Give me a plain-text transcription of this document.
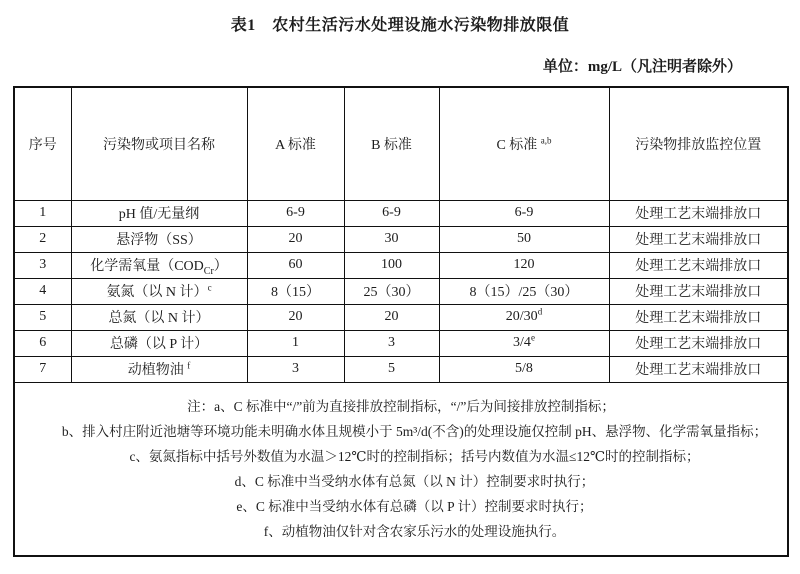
表1　农村生活污水处理设施水污染物排放限值
单位：mg/L（凡注明者除外）
序号	污染物或项目名称	A 标准	B 标准	C 标准 $^{a,b}$	污染物排放监控位置
1	pH 值/无量纲	6-9	6-9	6-9	处理工艺末端排放口
2	悬浮物（SS）	20	30	50	处理工艺末端排放口
3	化学需氧量$(COD_{Cr})$	60	100	120	处理工艺末端排放口
4	氨氮（以 N 计）$^c$	8（15）	25（30）	8（15）/25（30）	处理工艺末端排放口
5	总氮（以 N 计）	20	20	20/30$^d$	处理工艺末端排放口
6	总磷（以 P 计）	1	3	3/4e	处理工艺末端排放口
7	动植物油 $^f$	3	5	5/8	处理工艺末端排放口

注：a、C 标准中“/”前为直接排放控制指标，“/”后为间接排放控制指标；

b、排入村庄附近池塘等环境功能未明确水体且规模小于 5m³/d(不含)的处理设施仅控制 pH、悬浮物、化学需氧量指标；

c、氨氮指标中括号外数值为水温＞12℃时的控制指标；括号内数值为水温≤12℃时的控制指标；

d、C 标准中当受纳水体有总氮（以 N 计）控制要求时执行；

e、C 标准中当受纳水体有总磷（以 P 计）控制要求时执行；

f、动植物油仅针对含农家乐污水的处理设施执行。
